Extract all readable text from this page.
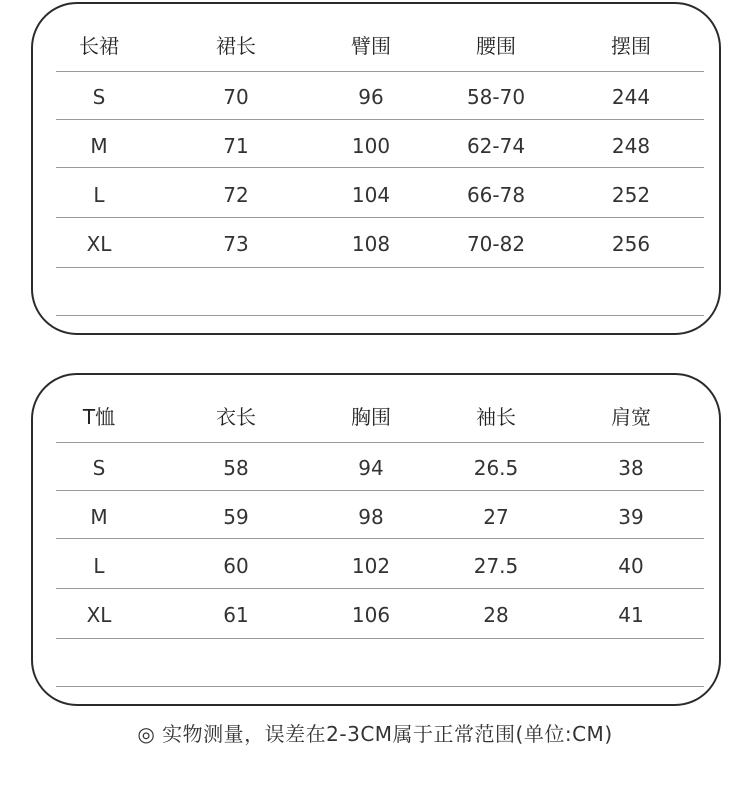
长裙	裙长	臂围	腰围	摆围
S	70	96	58-70	244
M	71	100	62-74	248
L	72	104	66-78	252
XL	73	108	70-82	256
T恤	衣长	胸围	袖长	肩宽
S	58	94	26.5	38
M	59	98	27	39
L	60	102	27.5	40
XL	61	106	28	41
◎ 实物测量，误差在2-3CM属于正常范围(单位:CM)
